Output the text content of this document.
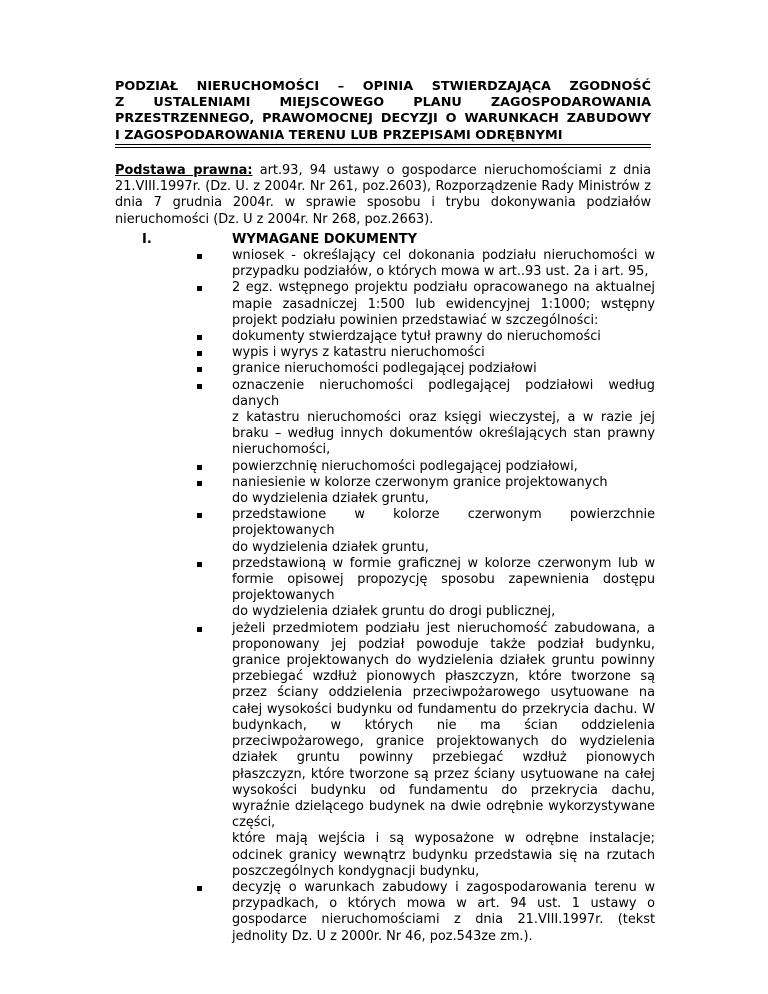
PODZIAŁ NIERUCHOMOŚCI – OPINIA STWIERDZAJĄCA ZGODNOŚĆ
Z USTALENIAMI MIEJSCOWEGO PLANU ZAGOSPODAROWANIA
PRZESTRZENNEGO, PRAWOMOCNEJ DECYZJI O WARUNKACH ZABUDOWY
I ZAGOSPODAROWANIA TERENU LUB PRZEPISAMI ODRĘBNYMI

Podstawa prawna: art.93, 94 ustawy o gospodarce nieruchomościami z dnia 21.VIII.1997r. (Dz. U. z 2004r. Nr 261, poz.2603), Rozporządzenie Rady Ministrów z dnia 7 grudnia 2004r. w sprawie sposobu i trybu dokonywania podziałów nieruchomości (Dz. U z 2004r. Nr 268, poz.2663).

I.	WYMAGANE DOKUMENTY
wniosek - określający cel dokonania podziału nieruchomości w przypadku podziałów, o których mowa w art..93 ust. 2a i art. 95,
2 egz. wstępnego projektu podziału opracowanego na aktualnej mapie zasadniczej 1:500 lub ewidencyjnej 1:1000; wstępny projekt podziału powinien przedstawiać w szczególności:
dokumenty stwierdzające tytuł prawny do nieruchomości
wypis i wyrys z katastru nieruchomości
granice nieruchomości podlegającej podziałowi
oznaczenie nieruchomości podlegającej podziałowi według danych
z katastru nieruchomości oraz księgi wieczystej, a w razie jej braku – według innych dokumentów określających stan prawny nieruchomości,
powierzchnię nieruchomości podlegającej podziałowi,
naniesienie w kolorze czerwonym granice projektowanych
do wydzielenia działek gruntu,
przedstawione w kolorze czerwonym powierzchnie projektowanych
do wydzielenia działek gruntu,
przedstawioną w formie graficznej w kolorze czerwonym lub w formie opisowej propozycję sposobu zapewnienia dostępu projektowanych
do wydzielenia działek gruntu do drogi publicznej,
jeżeli przedmiotem podziału jest nieruchomość zabudowana, a proponowany jej podział powoduje także podział budynku, granice projektowanych do wydzielenia działek gruntu powinny przebiegać wzdłuż pionowych płaszczyzn, które tworzone są przez ściany oddzielenia przeciwpożarowego usytuowane na całej wysokości budynku od fundamentu do przekrycia dachu. W budynkach, w których nie ma ścian oddzielenia przeciwpożarowego, granice projektowanych do wydzielenia działek gruntu powinny przebiegać wzdłuż pionowych płaszczyzn, które tworzone są przez ściany usytuowane na całej wysokości budynku od fundamentu do przekrycia dachu, wyraźnie dzielącego budynek na dwie odrębnie wykorzystywane części,
które mają wejścia i są wyposażone w odrębne instalacje; odcinek granicy wewnątrz budynku przedstawia się na rzutach poszczególnych kondygnacji budynku,
decyzję o warunkach zabudowy i zagospodarowania terenu w przypadkach, o których mowa w art. 94 ust. 1 ustawy o gospodarce nieruchomościami z dnia 21.VIII.1997r. (tekst jednolity Dz. U z 2000r. Nr 46, poz.543ze zm.).
